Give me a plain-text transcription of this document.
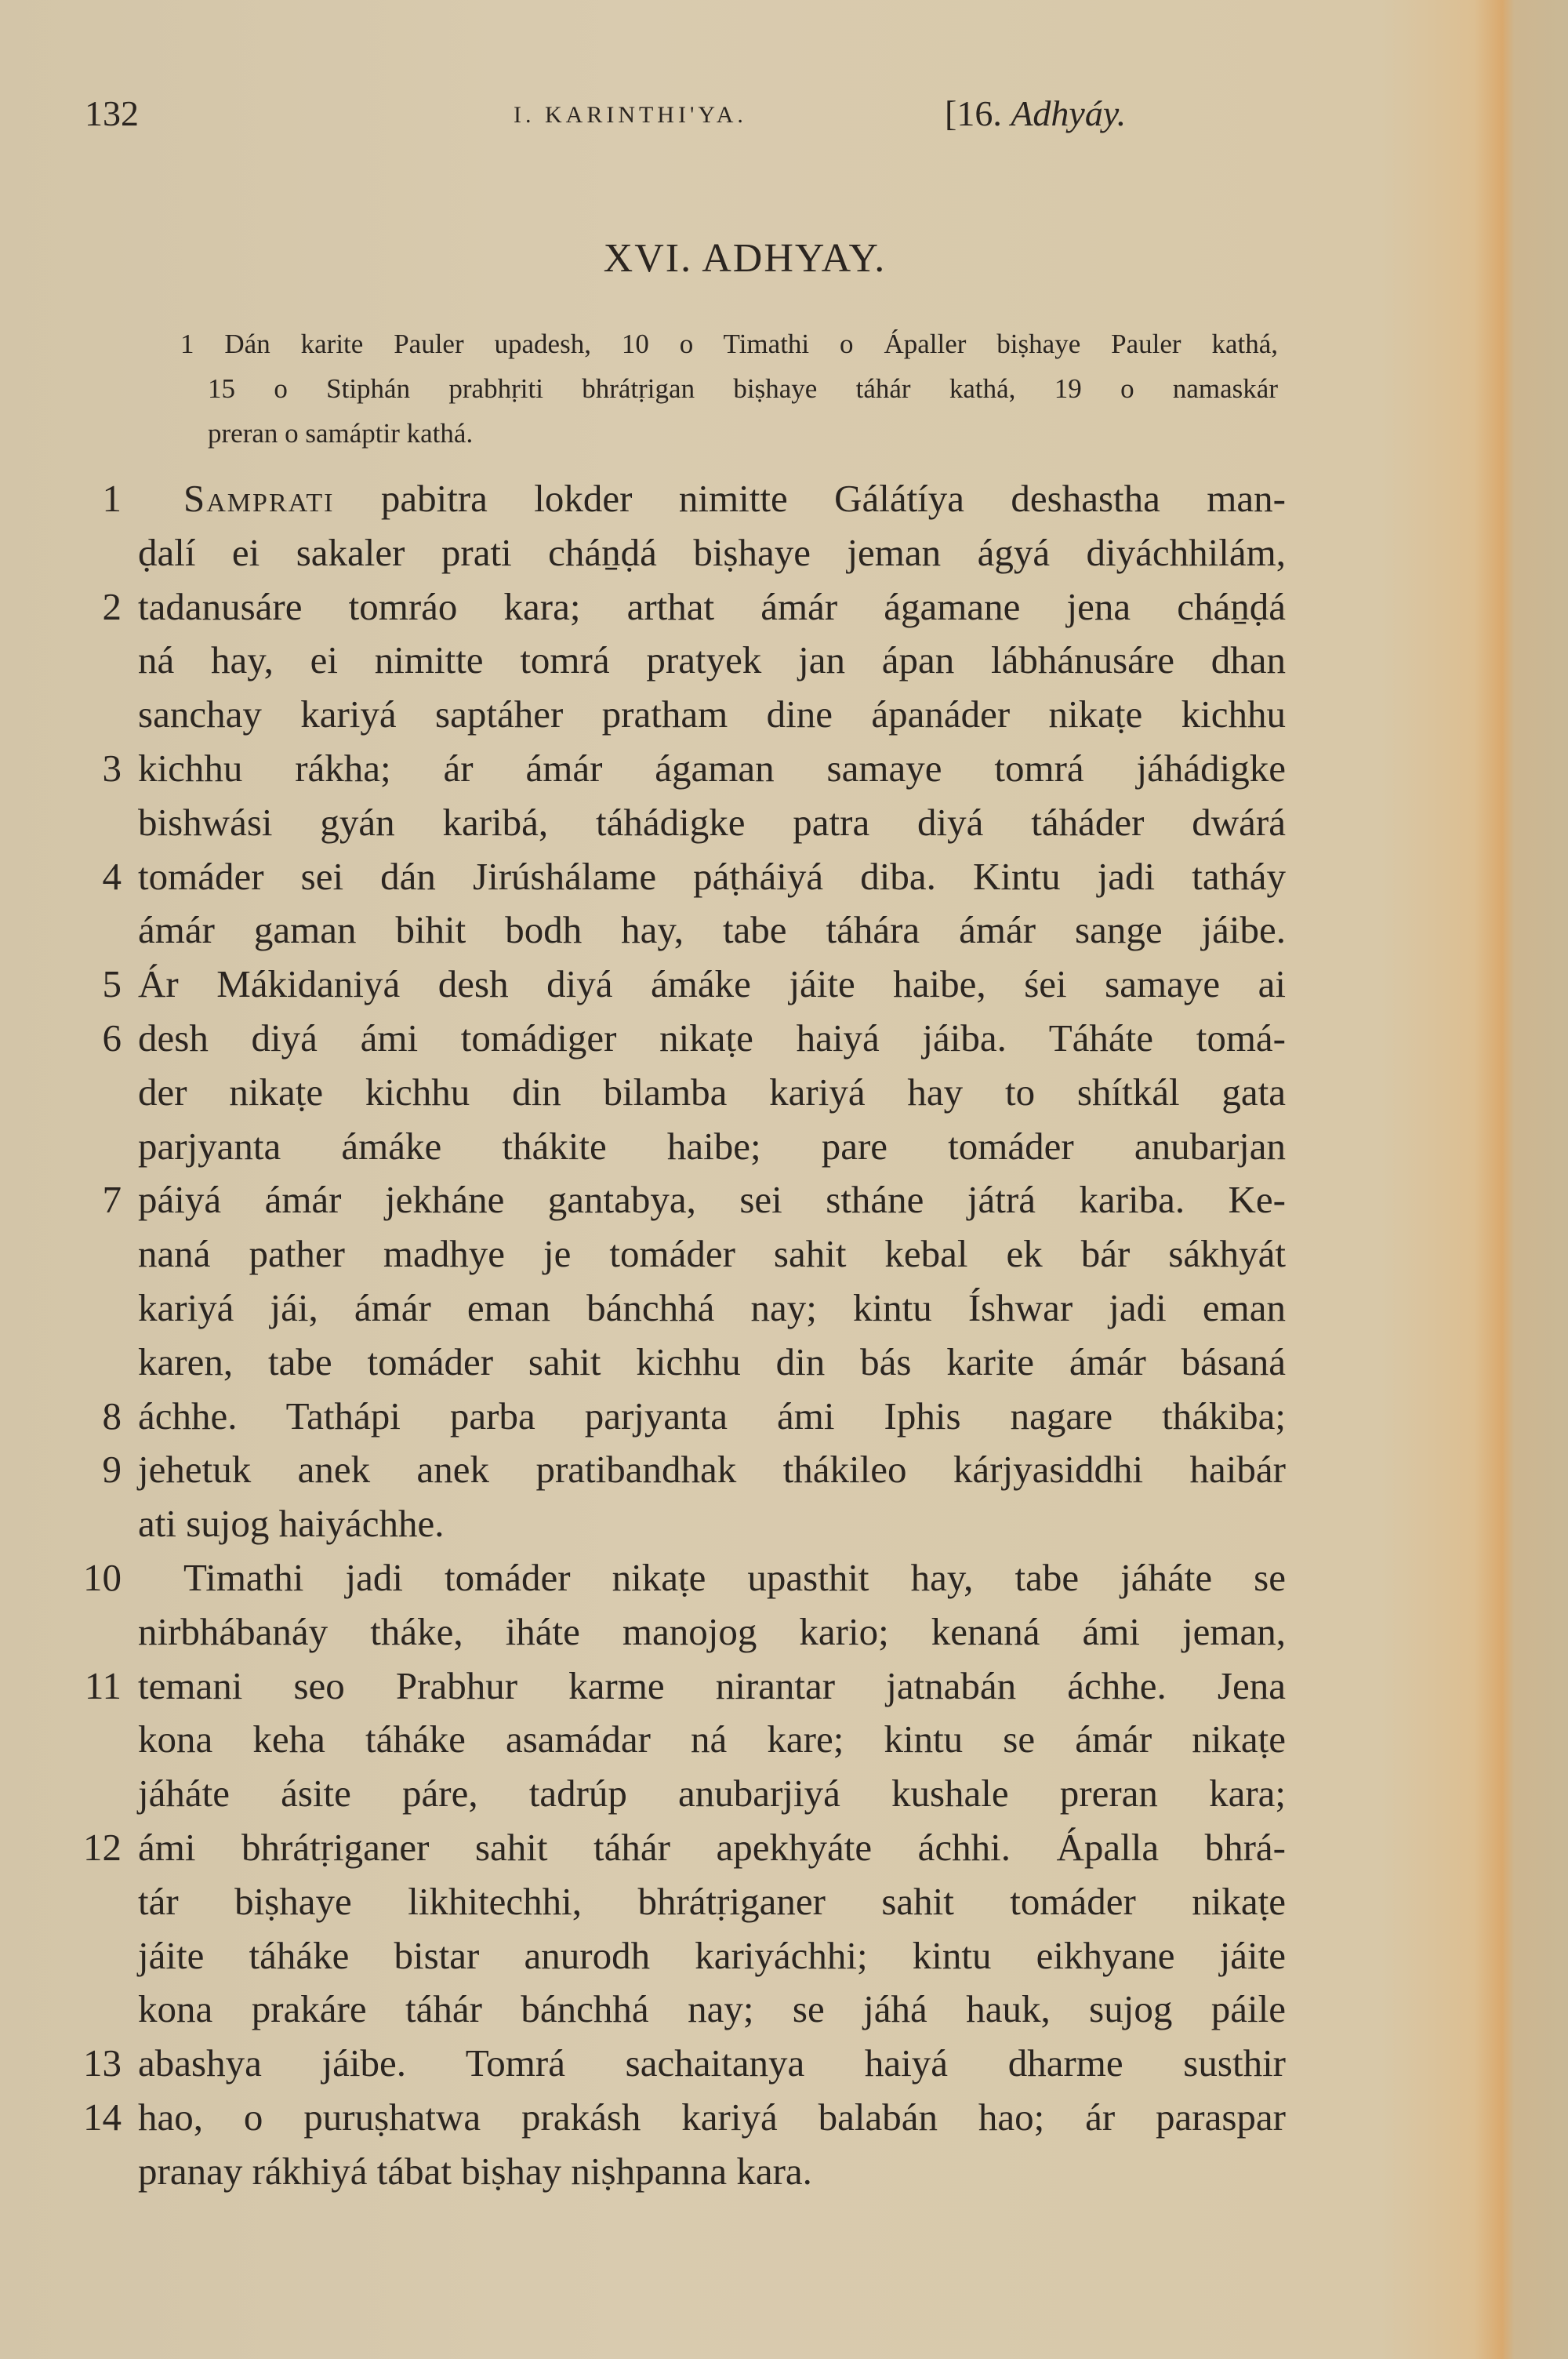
132	I. KARINTHI'YA.	[16. Adhyáy.
XVI. ADHYAY.
1 Dán karite Pauler upadesh, 10 o Timathi o Ápaller biṣhaye Pauler kathá,
15 o Stiphán prabhṛiti bhrátṛigan biṣhaye táhár kathá, 19 o namaskár
preran o samáptir kathá.
1 Samprati pabitra lokder nimitte Gálátíya deshastha man-
ḍalí ei sakaler prati cháṉḍá biṣhaye jeman ágyá diyáchhilám,
2 tadanusáre tomráo kara; arthat ámár ágamane jena cháṉḍá
ná hay, ei nimitte tomrá pratyek jan ápan lábhánusáre dhan
sanchay kariyá saptáher pratham dine ápanáder nikaṭe kichhu
3 kichhu rákha; ár ámár ágaman samaye tomrá jáhádigke
bishwási gyán karibá, táhádigke patra diyá táháder dwárá
4 tomáder sei dán Jirúshálame páṭháiyá diba. Kintu jadi tatháy
ámár gaman bihit bodh hay, tabe táhára ámár sange jáibe.
5 Ár Mákidaniyá desh diyá ámáke jáite haibe, śei samaye ai
6 desh diyá ámi tomádiger nikaṭe haiyá jáiba. Táháte tomá-
der nikaṭe kichhu din bilamba kariyá hay to shítkál gata
parjyanta ámáke thákite haibe; pare tomáder anubarjan
7 páiyá ámár jekháne gantabya, sei stháne játrá kariba. Ke-
naná pather madhye je tomáder sahit kebal ek bár sákhyát
kariyá jái, ámár eman bánchhá nay; kintu Íshwar jadi eman
karen, tabe tomáder sahit kichhu din bás karite ámár básaná
8 áchhe. Tathápi parba parjyanta ámi Iphis nagare thákiba;
9 jehetuk anek anek pratibandhak thákileo kárjyasiddhi haibár
ati sujog haiyáchhe.
10 Timathi jadi tomáder nikaṭe upasthit hay, tabe jáháte se
nirbhábanáy tháke, iháte manojog kario; kenaná ámi jeman,
11 temani seo Prabhur karme nirantar jatnabán áchhe. Jena
kona keha táháke asamádar ná kare; kintu se ámár nikaṭe
jáháte ásite páre, tadrúp anubarjiyá kushale preran kara;
12 ámi bhrátṛiganer sahit táhár apekhyáte áchhi. Ápalla bhrá-
tár biṣhaye likhitechhi, bhrátṛiganer sahit tomáder nikaṭe
jáite táháke bistar anurodh kariyáchhi; kintu eikhyane jáite
kona prakáre táhár bánchhá nay; se jáhá hauk, sujog páile
13 abashya jáibe. Tomrá sachaitanya haiyá dharme susthir
14 hao, o puruṣhatwa prakásh kariyá balabán hao; ár paraspar
pranay rákhiyá tábat biṣhay niṣhpanna kara.
